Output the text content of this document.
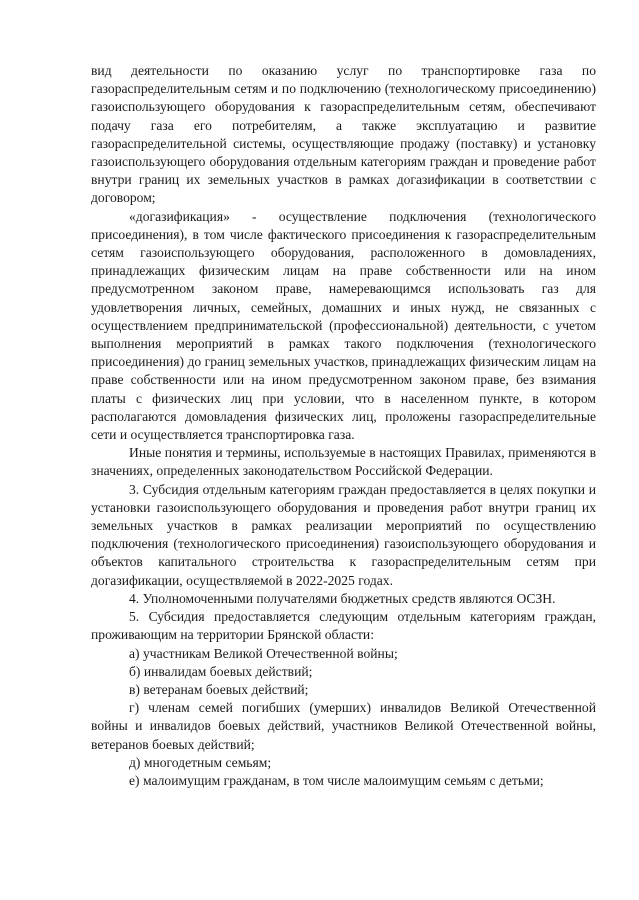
вид деятельности по оказанию услуг по транспортировке газа по газораспределительным сетям и по подключению (технологическому присоединению) газоиспользующего оборудования к газораспределительным сетям, обеспечивают подачу газа его потребителям, а также эксплуатацию и развитие газораспределительной системы, осуществляющие продажу (поставку) и установку газоиспользующего оборудования отдельным категориям граждан и проведение работ внутри границ их земельных участков в рамках догазификации в соответствии с договором;

«догазификация» - осуществление подключения (технологического присоединения), в том числе фактического присоединения к газораспределительным сетям газоиспользующего оборудования, расположенного в домовладениях, принадлежащих физическим лицам на праве собственности или на ином предусмотренном законом праве, намеревающимся использовать газ для удовлетворения личных, семейных, домашних и иных нужд, не связанных с осуществлением предпринимательской (профессиональной) деятельности, с учетом выполнения мероприятий в рамках такого подключения (технологического присоединения) до границ земельных участков, принадлежащих физическим лицам на праве собственности или на ином предусмотренном законом праве, без взимания платы с физических лиц при условии, что в населенном пункте, в котором располагаются домовладения физических лиц, проложены газораспределительные сети и осуществляется транспортировка газа.

Иные понятия и термины, используемые в настоящих Правилах, применяются в значениях, определенных законодательством Российской Федерации.

3. Субсидия отдельным категориям граждан предоставляется в целях покупки и установки газоиспользующего оборудования и проведения работ внутри границ их земельных участков в рамках реализации мероприятий по осуществлению подключения (технологического присоединения) газоиспользующего оборудования и объектов капитального строительства к газораспределительным сетям при догазификации, осуществляемой в 2022-2025 годах.

4. Уполномоченными получателями бюджетных средств являются ОСЗН.

5. Субсидия предоставляется следующим отдельным категориям граждан, проживающим на территории Брянской области:

а) участникам Великой Отечественной войны;

б) инвалидам боевых действий;

в) ветеранам боевых действий;

г) членам семей погибших (умерших) инвалидов Великой Отечественной войны и инвалидов боевых действий, участников Великой Отечественной войны, ветеранов боевых действий;

д) многодетным семьям;

е) малоимущим гражданам, в том числе малоимущим семьям с детьми;
